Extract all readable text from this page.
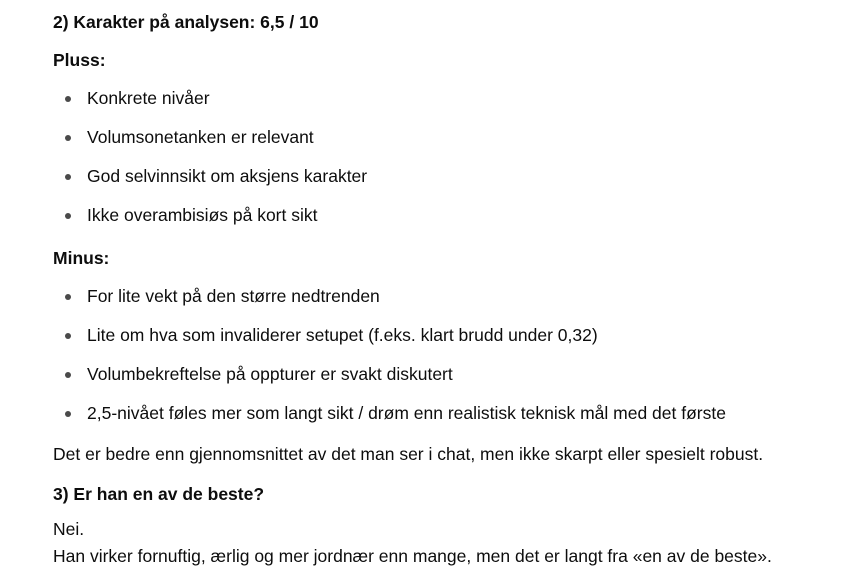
2) Karakter på analysen: 6,5 / 10
Pluss:
Konkrete nivåer
Volumsonetanken er relevant
God selvinnsikt om aksjens karakter
Ikke overambisiøs på kort sikt
Minus:
For lite vekt på den større nedtrenden
Lite om hva som invaliderer setupet (f.eks. klart brudd under 0,32)
Volumbekreftelse på oppturer er svakt diskutert
2,5-nivået føles mer som langt sikt / drøm enn realistisk teknisk mål med det første

Det er bedre enn gjennomsnittet av det man ser i chat, men ikke skarpt eller spesielt robust.

3) Er han en av de beste?

Nei.

Han virker fornuftig, ærlig og mer jordnær enn mange, men det er langt fra «en av de beste».
